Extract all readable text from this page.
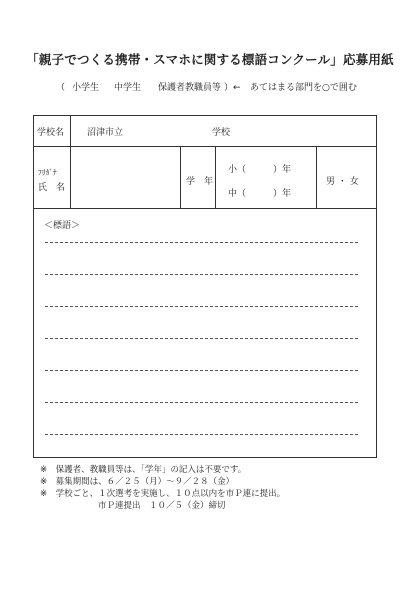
「親子でつくる携帯・スマホに関する標語コンクール」応募用紙
（ 小学生 中学生 保護者教職員等 ）← あてはまる部門を○で囲む
学校名	沼津市立	学校
ﾌﾘｶﾞﾅ
氏　名
学　年
小（　　　）年
中（　　　）年
男 ・ 女
＜標語＞
※　保護者、教職員等は、「学年」の記入は不要です。
※　募集期間は、６／２５（月）～９／２８（金）
※　学校ごと、１次選考を実施し、１０点以内を市Ｐ連に提出。
市Ｐ連提出　１０／５（金）締切
